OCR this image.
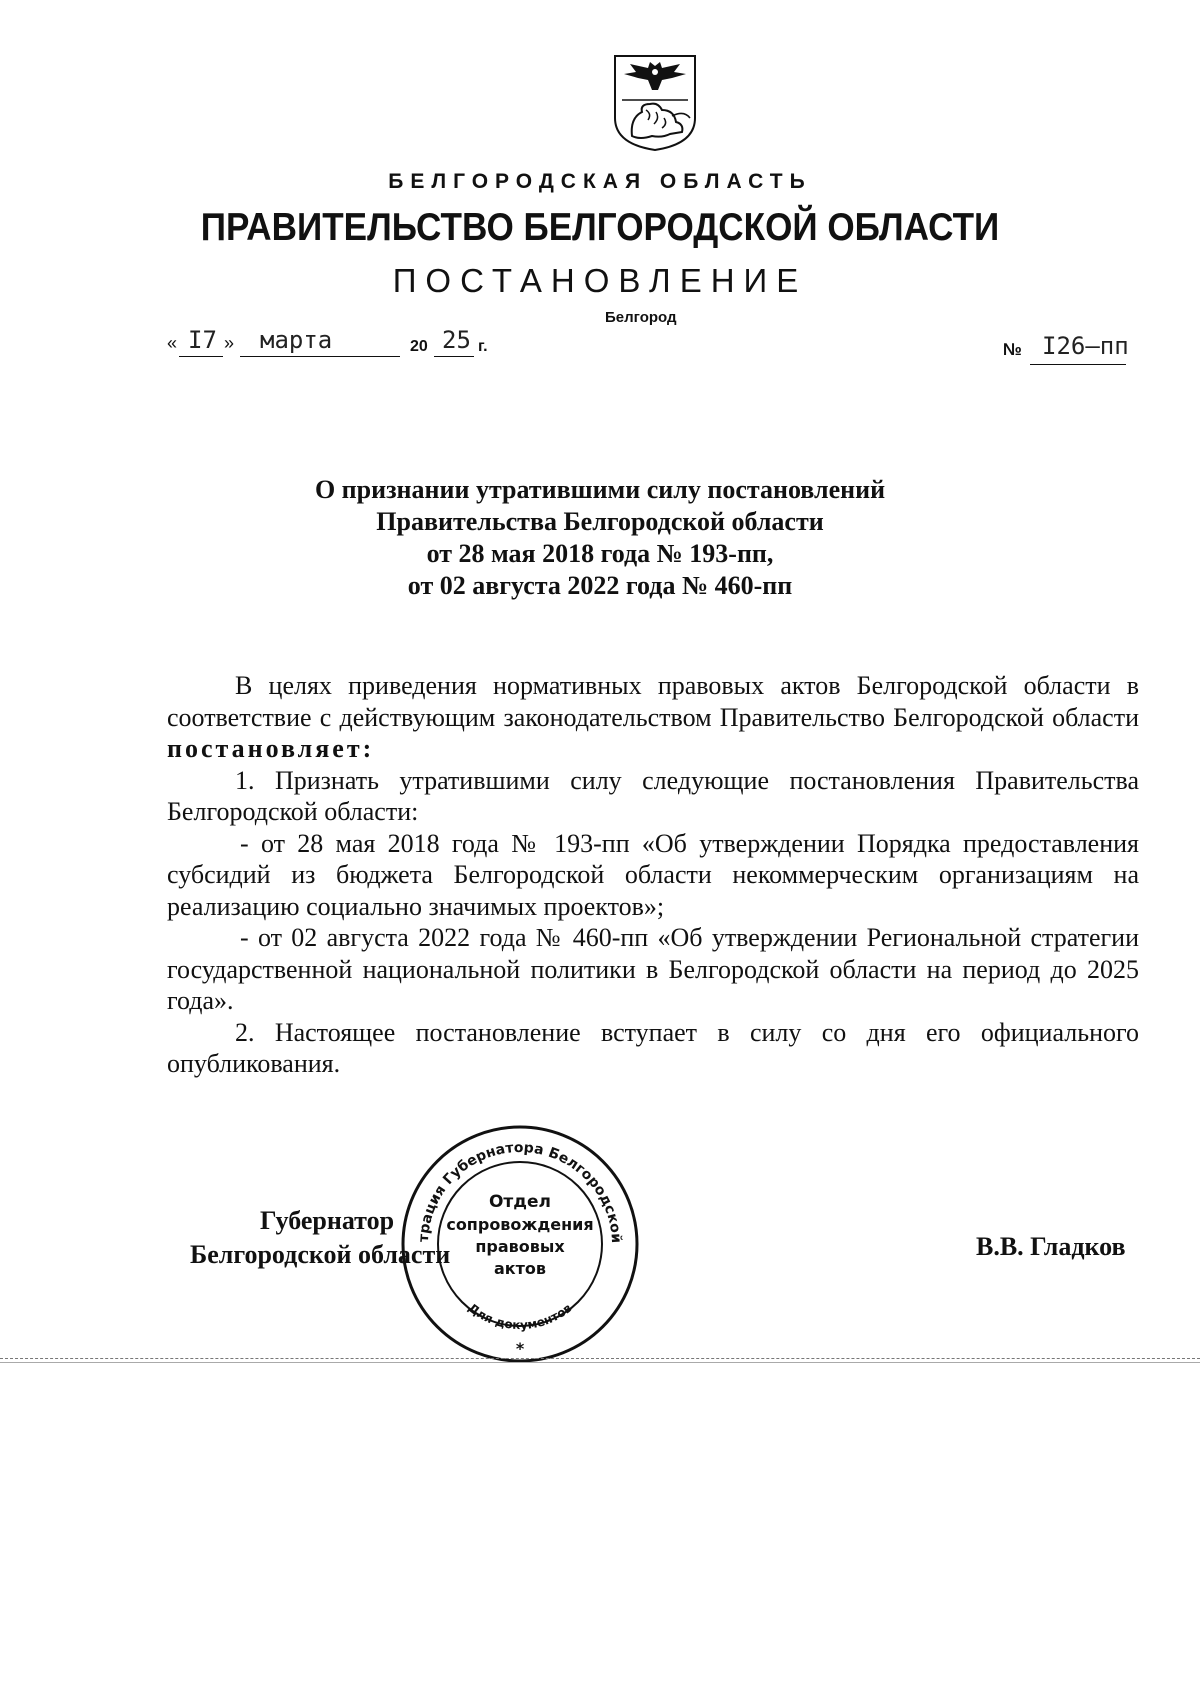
БЕЛГОРОДСКАЯ ОБЛАСТЬ
ПРАВИТЕЛЬСТВО БЕЛГОРОДСКОЙ ОБЛАСТИ
ПОСТАНОВЛЕНИЕ
Белгород
« I7 » марта	20 25 г.	№ I26–пп
О признании утратившими силу постановлений
Правительства Белгородской области
от 28 мая 2018 года № 193-пп,
от 02 августа 2022 года № 460-пп

В целях приведения нормативных правовых актов Белгородской области в соответствие с действующим законодательством Правительство Белгородской области постановляет:

1. Признать утратившими силу следующие постановления Правительства Белгородской области:

- от 28 мая 2018 года № 193-пп «Об утверждении Порядка предоставления субсидий из бюджета Белгородской области некоммерческим организациям на реализацию социально значимых проектов»;

- от 02 августа 2022 года № 460-пп «Об утверждении Региональной стратегии государственной национальной политики в Белгородской области на период до 2025 года».

2. Настоящее постановление вступает в силу со дня его официального опубликования.

Губернатор
Белгородской области	В.В. Гладков
трация Губернатора Белгородской
Для документов
Отдел
сопровождения
правовых
актов
*
